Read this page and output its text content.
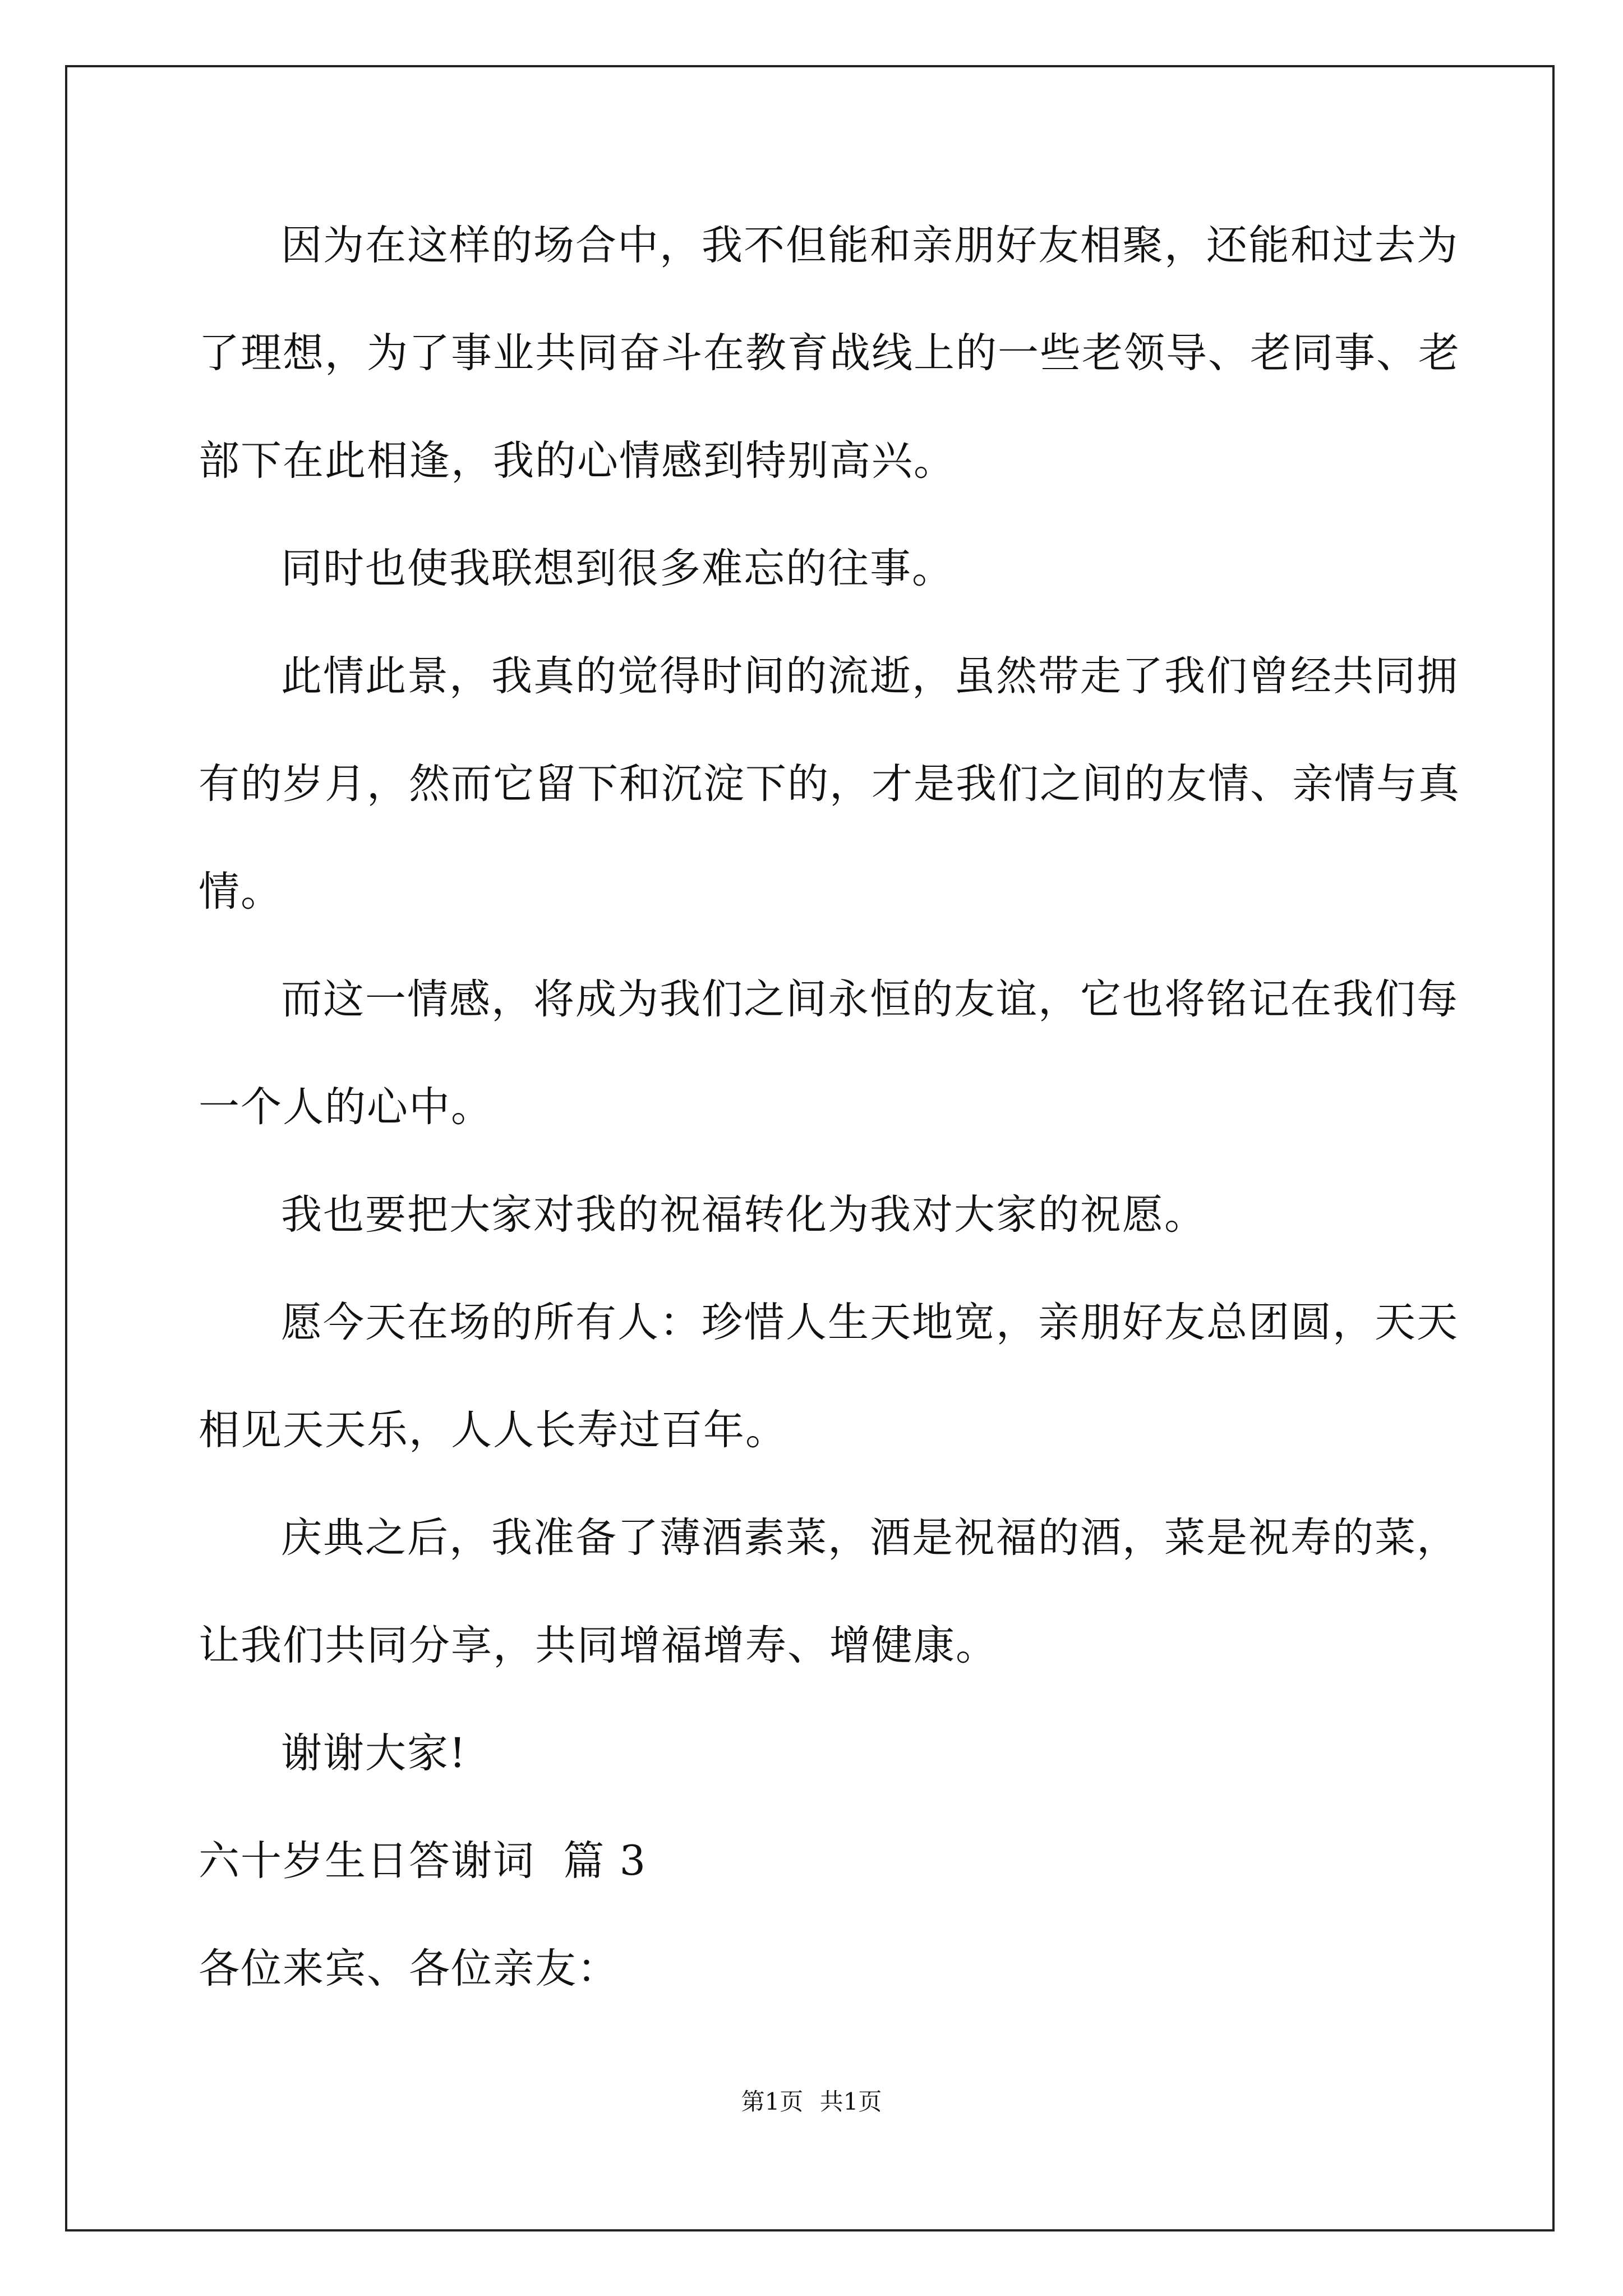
因为在这样的场合中，我不但能和亲朋好友相聚，还能和过去为
了理想，为了事业共同奋斗在教育战线上的一些老领导、老同事、老
部下在此相逢，我的心情感到特别高兴。
同时也使我联想到很多难忘的往事。
此情此景，我真的觉得时间的流逝，虽然带走了我们曾经共同拥
有的岁月，然而它留下和沉淀下的，才是我们之间的友情、亲情与真
情。
而这一情感，将成为我们之间永恒的友谊，它也将铭记在我们每
一个人的心中。
我也要把大家对我的祝福转化为我对大家的祝愿。
愿今天在场的所有人：珍惜人生天地宽，亲朋好友总团圆，天天
相见天天乐，人人长寿过百年。
庆典之后，我准备了薄酒素菜，酒是祝福的酒，菜是祝寿的菜，
让我们共同分享，共同增福增寿、增健康。
谢谢大家!
六十岁生日答谢词  篇 3
各位来宾、各位亲友：
第1页 共1页
